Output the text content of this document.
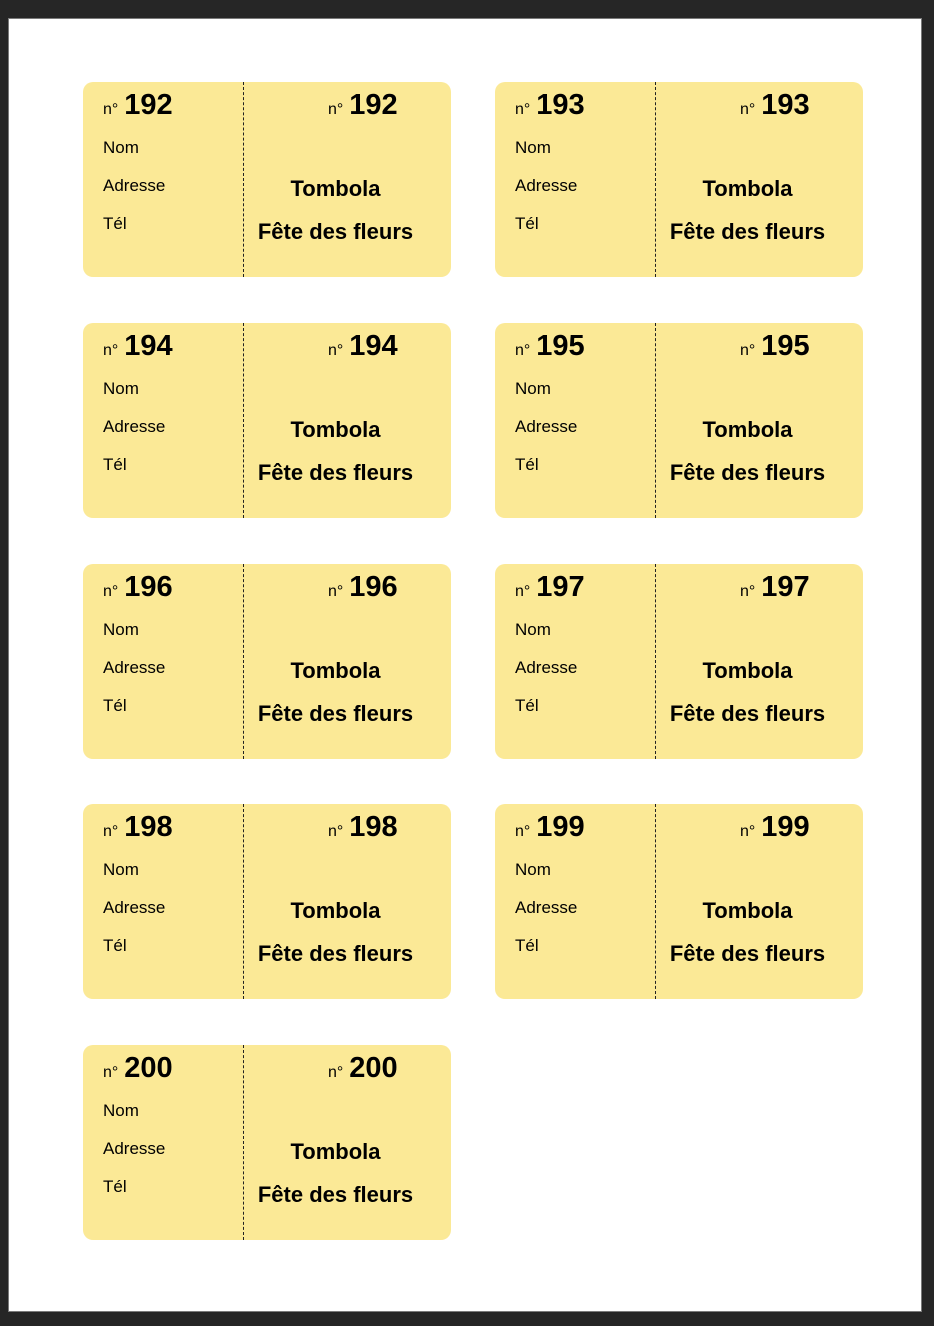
n° 192
Nom
Adresse
Tél
n° 192
Tombola
Fête des fleurs
n° 193
Nom
Adresse
Tél
n° 193
Tombola
Fête des fleurs
n° 194
Nom
Adresse
Tél
n° 194
Tombola
Fête des fleurs
n° 195
Nom
Adresse
Tél
n° 195
Tombola
Fête des fleurs
n° 196
Nom
Adresse
Tél
n° 196
Tombola
Fête des fleurs
n° 197
Nom
Adresse
Tél
n° 197
Tombola
Fête des fleurs
n° 198
Nom
Adresse
Tél
n° 198
Tombola
Fête des fleurs
n° 199
Nom
Adresse
Tél
n° 199
Tombola
Fête des fleurs
n° 200
Nom
Adresse
Tél
n° 200
Tombola
Fête des fleurs
